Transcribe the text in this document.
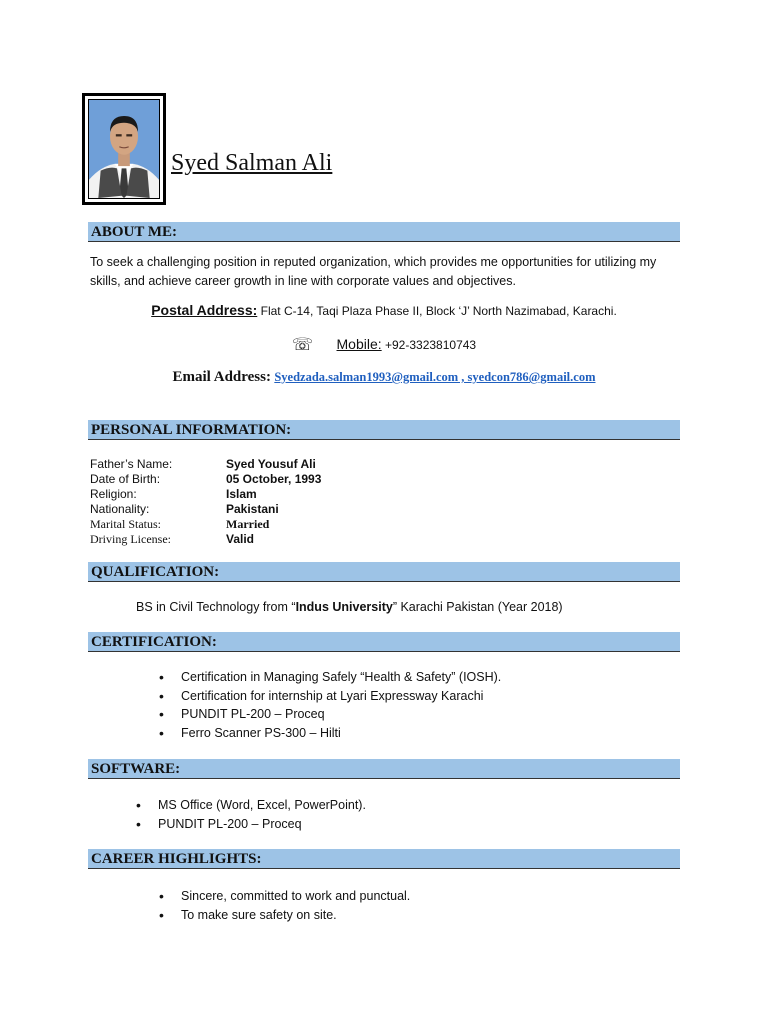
Syed Salman Ali
ABOUT ME:
To seek a challenging position in reputed organization, which provides me opportunities for utilizing my skills, and achieve career growth in line with corporate values and objectives.
Postal Address: Flat C-14, Taqi Plaza Phase II, Block ‘J’ North Nazimabad, Karachi.
☏ Mobile: +92-3323810743
Email Address: Syedzada.salman1993@gmail.com , syedcon786@gmail.com
PERSONAL INFORMATION:
Father’s Name:	Syed Yousuf Ali
Date of Birth:	05 October, 1993
Religion:	Islam
Nationality:	Pakistani
Marital Status:	Married
Driving License:	Valid
QUALIFICATION:
BS in Civil Technology from “Indus University” Karachi Pakistan (Year 2018)
CERTIFICATION:
• Certification in Managing Safely “Health & Safety” (IOSH).
• Certification for internship at Lyari Expressway Karachi
• PUNDIT PL-200 – Proceq
• Ferro Scanner PS-300 – Hilti
SOFTWARE:
• MS Office (Word, Excel, PowerPoint).
• PUNDIT PL-200 – Proceq
CAREER HIGHLIGHTS:
• Sincere, committed to work and punctual.
• To make sure safety on site.
